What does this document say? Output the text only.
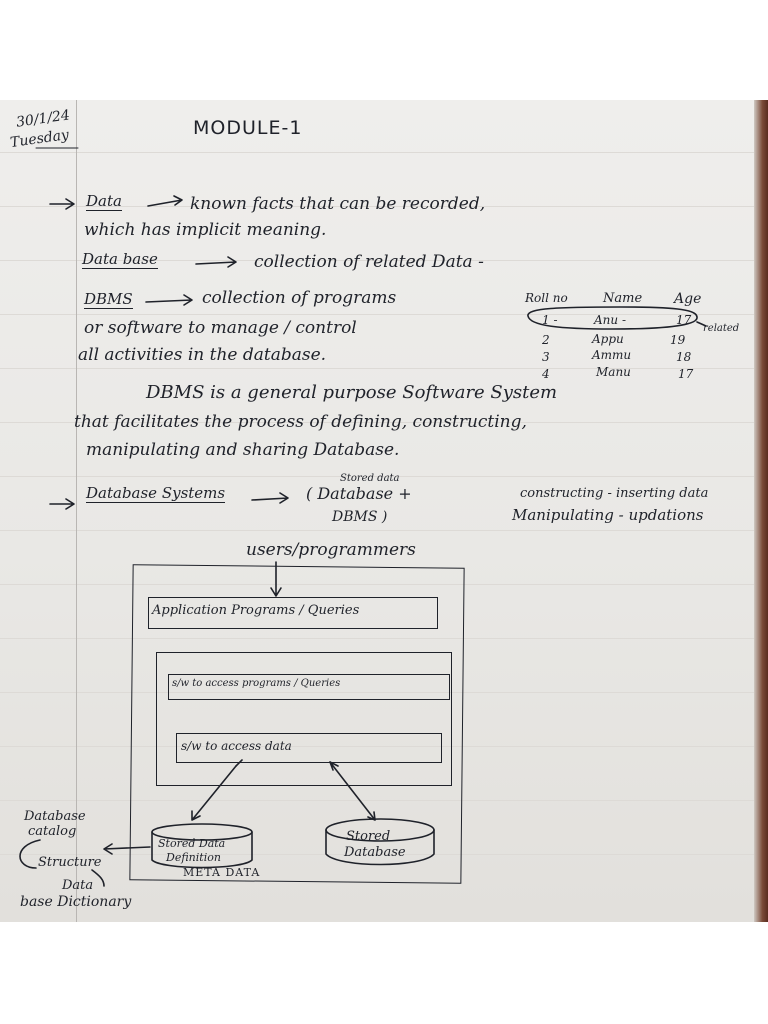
30/1/24
Tuesday	MODULE-1
Data	known facts that can be recorded,
which has implicit meaning.
Data base	collection of related Data -
DBMS	collection of programs
or software to manage / control
all activities in the database.
Roll no	Name Age
1 -	Anu -	17
related
2	Appu	19
3	Ammu	18
4	Manu	17
DBMS is a general purpose Software System
that facilitates the process of defining, constructing,
manipulating and sharing Database.
Database Systems
Stored data
( Database +
DBMS )
constructing - inserting data
Manipulating - updations
users/programmers
Application Programs / Queries
s/w to access programs / Queries
s/w to access data
Stored Data
Definition
META DATA
Stored
Database
Database
catalog
Structure
Data
base Dictionary
